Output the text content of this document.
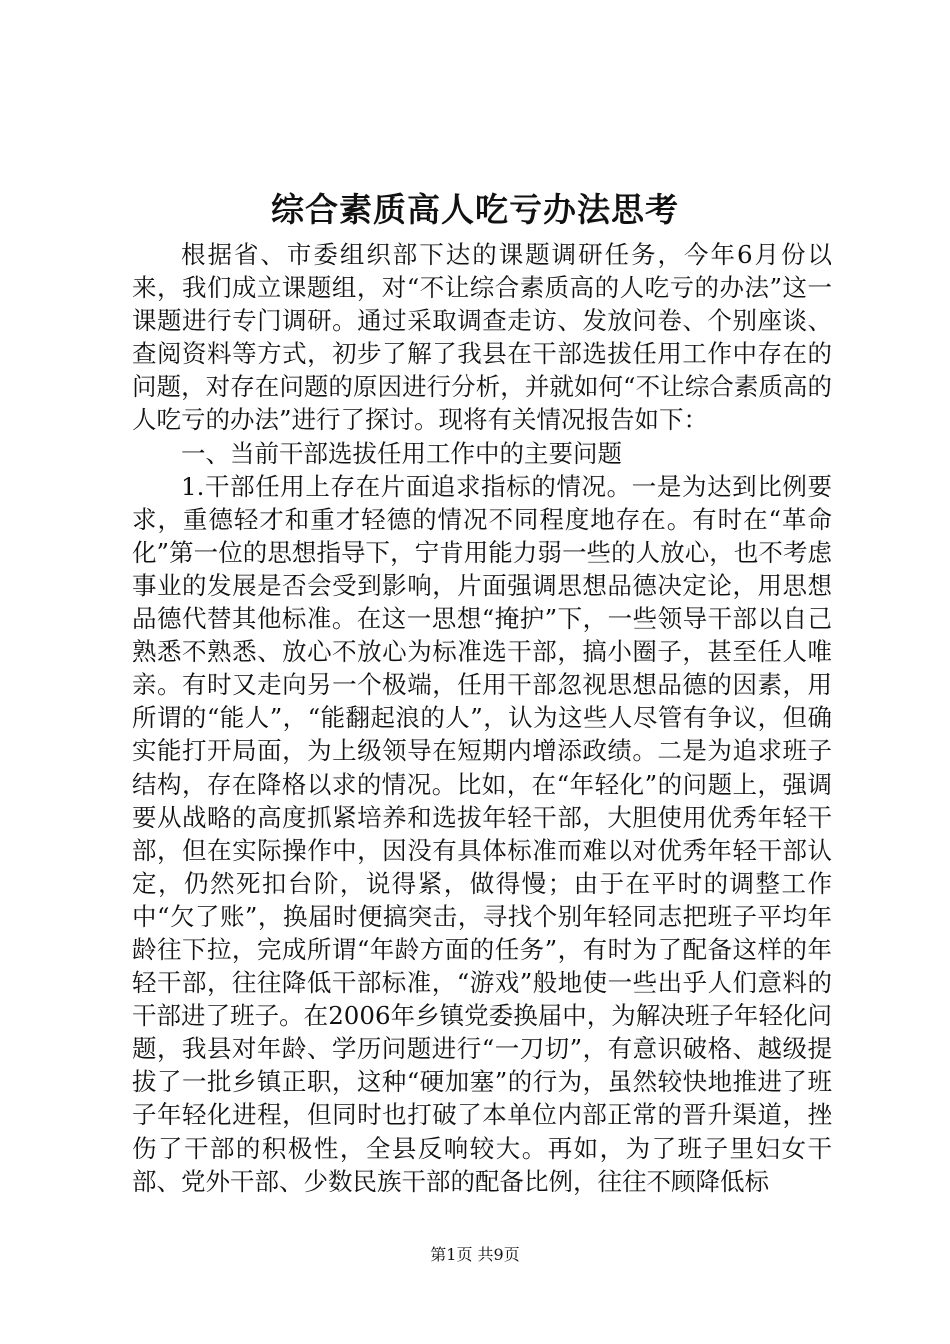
综合素质高人吃亏办法思考

根据省、市委组织部下达的课题调研任务，今年6月份以来，我们成立课题组，对“不让综合素质高的人吃亏的办法”这一课题进行专门调研。通过采取调查走访、发放问卷、个别座谈、查阅资料等方式，初步了解了我县在干部选拔任用工作中存在的问题，对存在问题的原因进行分析，并就如何“不让综合素质高的人吃亏的办法”进行了探讨。现将有关情况报告如下：

一、当前干部选拔任用工作中的主要问题

1.干部任用上存在片面追求指标的情况。一是为达到比例要求，重德轻才和重才轻德的情况不同程度地存在。有时在“革命化”第一位的思想指导下，宁肯用能力弱一些的人放心，也不考虑事业的发展是否会受到影响，片面强调思想品德决定论，用思想品德代替其他标准。在这一思想“掩护”下，一些领导干部以自己熟悉不熟悉、放心不放心为标准选干部，搞小圈子，甚至任人唯亲。有时又走向另一个极端，任用干部忽视思想品德的因素，用所谓的“能人”，“能翻起浪的人”，认为这些人尽管有争议，但确实能打开局面，为上级领导在短期内增添政绩。二是为追求班子结构，存在降格以求的情况。比如，在“年轻化”的问题上，强调要从战略的高度抓紧培养和选拔年轻干部，大胆使用优秀年轻干部，但在实际操作中，因没有具体标准而难以对优秀年轻干部认定，仍然死扣台阶，说得紧，做得慢；由于在平时的调整工作中“欠了账”，换届时便搞突击，寻找个别年轻同志把班子平均年龄往下拉，完成所谓“年龄方面的任务”，有时为了配备这样的年轻干部，往往降低干部标准，“游戏”般地使一些出乎人们意料的干部进了班子。在2006年乡镇党委换届中，为解决班子年轻化问题，我县对年龄、学历问题进行“一刀切”，有意识破格、越级提拔了一批乡镇正职，这种“硬加塞”的行为，虽然较快地推进了班子年轻化进程，但同时也打破了本单位内部正常的晋升渠道，挫伤了干部的积极性，全县反响较大。再如，为了班子里妇女干部、党外干部、少数民族干部的配备比例，往往不顾降低标

第1页 共9页
